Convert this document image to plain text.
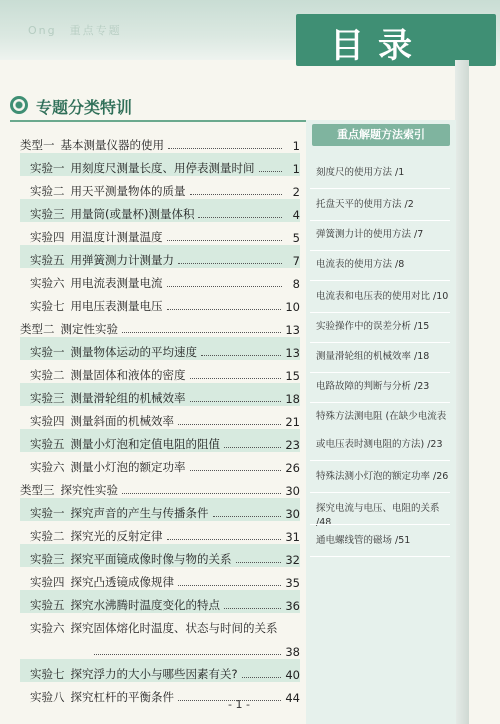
Ong　重点专题	目录
专题分类特训
类型一 基本测量仪器的使用	1
实验一 用刻度尺测量长度、用停表测量时间	1
实验二 用天平测量物体的质量	2
实验三 用量筒(或量杯)测量体积	4
实验四 用温度计测量温度	5
实验五 用弹簧测力计测量力	7
实验六 用电流表测量电流	8
实验七 用电压表测量电压	10
类型二 测定性实验	13
实验一 测量物体运动的平均速度	13
实验二 测量固体和液体的密度	15
实验三 测量滑轮组的机械效率	18
实验四 测量斜面的机械效率	21
实验五 测量小灯泡和定值电阻的阻值	23
实验六 测量小灯泡的额定功率	26
类型三 探究性实验	30
实验一 探究声音的产生与传播条件	30
实验二 探究光的反射定律	31
实验三 探究平面镜成像时像与物的关系	32
实验四 探究凸透镜成像规律	35
实验五 探究水沸腾时温度变化的特点	36
实验六 探究固体熔化时温度、状态与时间的关系
38
实验七 探究浮力的大小与哪些因素有关?	40
实验八 探究杠杆的平衡条件	44
重点解题方法索引
刻度尺的使用方法 /1
托盘天平的使用方法 /2
弹簧测力计的使用方法 /7
电流表的使用方法 /8
电流表和电压表的使用对比 /10
实验操作中的误差分析 /15
测量滑轮组的机械效率 /18
电路故障的判断与分析 /23
特殊方法测电阻 (在缺少电流表
或电压表时测电阻的方法) /23
特殊法测小灯泡的额定功率 /26
探究电流与电压、电阻的关系 /48
通电螺线管的磁场 /51
- 1 -
